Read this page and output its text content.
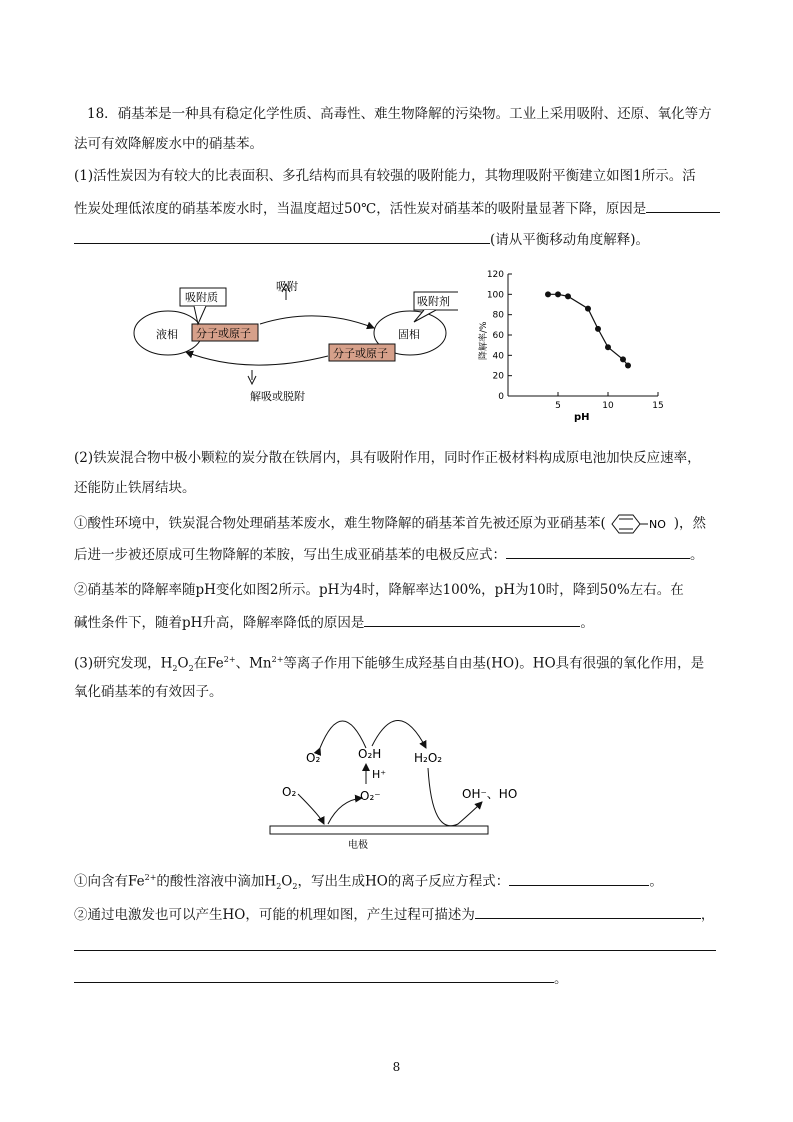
18．硝基苯是一种具有稳定化学性质、高毒性、难生物降解的污染物。工业上采用吸附、还原、氧化等方
法可有效降解废水中的硝基苯。
(1)活性炭因为有较大的比表面积、多孔结构而具有较强的吸附能力，其物理吸附平衡建立如图1所示。活
性炭处理低浓度的硝基苯废水时，当温度超过50℃，活性炭对硝基苯的吸附量显著下降，原因是
(请从平衡移动角度解释)。
液相	固相
分子或原子
分子或原子
吸附质	吸附剂
吸附
解吸或脱附	0
20
40
60
80
100
120
5	10	15
pH
降解率/%
(2)铁炭混合物中极小颗粒的炭分散在铁屑内，具有吸附作用，同时作正极材料构成原电池加快反应速率，
还能防止铁屑结块。
①酸性环境中，铁炭混合物处理硝基苯废水，难生物降解的硝基苯首先被还原为亚硝基苯(	NO )，然
后进一步被还原成可生物降解的苯胺，写出生成亚硝基苯的电极反应式：	。
②硝基苯的降解率随pH变化如图2所示。pH为4时，降解率达100%，pH为10时，降到50%左右。在
碱性条件下，随着pH升高，降解率降低的原因是	。
(3)研究发现，$H_2O_2$在$Fe^{2+}$、$Mn^{2+}$等离子作用下能够生成羟基自由基(HO)。HO具有很强的氧化作用，是
氧化硝基苯的有效因子。
O₂	O₂H	H₂O₂
H⁺
O₂	O₂⁻	OH⁻、HO
电极
①向含有$Fe^{2+}$的酸性溶液中滴加$H_2O_2$，写出生成HO的离子反应方程式：	。
②通过电激发也可以产生HO，可能的机理如图，产生过程可描述为	，
。
8
